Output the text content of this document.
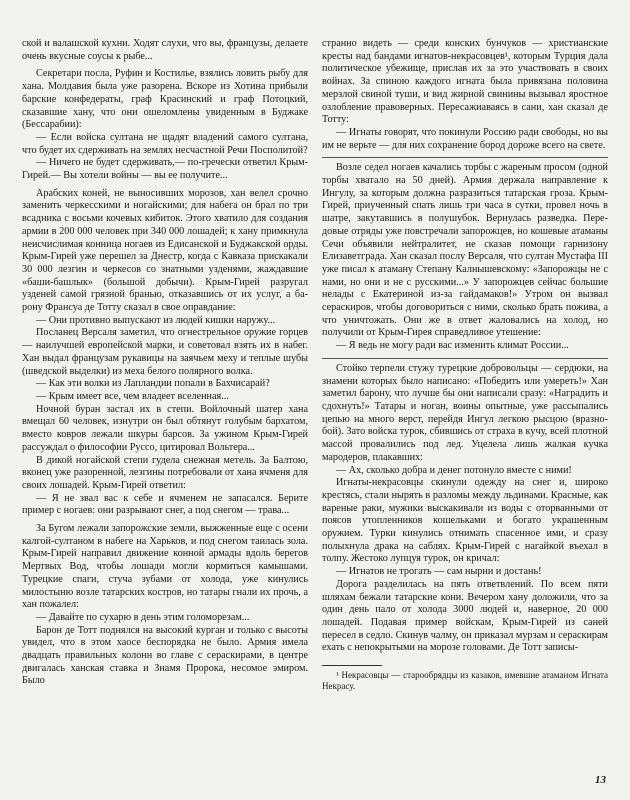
ской и валашской кухни. Ходят слухи, что вы, французы, делаете очень вкусные соусы к рыбе...

Секретари посла, Руфин и Костилье, взялись ловить рыбу для хана. Молдавия была уже разорена. Вскоре из Хотина прибыли барские конфедераты, граф Красинский и граф Потоцкий, сказавшие хану, что они ошеломлены увиденным в Буджаке (Бессарабии):

— Если войска султана не щадят владений самого султана, что будет их сдерживать на землях несчастной Речи Посполитой?

— Ничего не будет сдерживать,— по-гречески ответил Крым-Гирей.— Вы хотели войны — вы ее получите...

Арабских коней, не выносивших морозов, хан велел срочно заменить черкесскими и ногайскими; для набега он брал по три всадника с восьми кочевых кибиток. Этого хватило для создания армии в 200 000 человек при 340 000 лошадей; к хану примкнула неисчислимая конница ногаев из Едисанской и Буджакской орды. Крым-Гирей уже перешел за Днестр, когда с Кавказа прискакали 30 000 лезгин и черкесов со знатными узденями, жаждавшие «баши-башлык» (большой добычи). Крым-Гирей разругал узденей самой грязной бранью, отказавшись от их услуг, а барону Франсуа де Тотту сказал в свое оправдание:

— Они противно выпускают из людей кишки наружу...

Посланец Версаля заметил, что огнестрельное оружие горцев — наилучшей европейской марки, и советовал взять их в набег. Хан выдал французам рукавицы на заячьем меху и теплые шубы (шведской выделки) из меха белого полярного волка.

— Как эти волки из Лапландии попали в Бахчисарай?

— Крым имеет все, чем владеет вселенная...

Ночной буран застал их в степи. Войлочный шатер хана вмещал 60 человек, изнутри он был обтянут голубым бархатом, вместо ковров лежали шкуры барсов. За ужином Крым-Гирей рассуждал о философии Руссо, цитировал Вольтера...

В дикой ногайской степи гудела снежная метель. За Балтою, вконец уже разоренной, лезгины потребовали от хана ячменя для своих лошадей. Крым-Гирей ответил:

— Я не звал вас к себе и ячменем не запасался. Берите пример с ногаев: они разрывают снег, а под снегом — трава...

За Бугом лежали запорожские земли, выжженные еще с осени калгой-султаном в набеге на Харьков, и под снегом таилась зола. Крым-Гирей направил движение конной армады вдоль берегов Мертвых Вод, чтобы лошади могли кормиться камышами. Турецкие спаги, стуча зубами от холода, уже кинулись милостыню возле татарских костров, но татары гнали их прочь, а хан пожалел:

— Давайте по сухарю в день этим голоморезам...

Барон де Тотт поднялся на высокий курган и только с высоты увидел, что в этом хаосе беспорядка не было. Армия имела двадцать правильных колонн во главе с сераскирами, в центре двигалась ханская ставка и Знамя Пророка, несомое эмиром. Было

странно видеть — среди конских бунчуков — христианские кресты над бандами игнатов-некрасовцев¹, которым Турция дала политическое убежище, прислав их за это участвовать в своих войнах. За спиною каждого игната была привязана половина мерзлой свиной туши, и вид жирной свинины вызывал яростное озлобление правоверных. Пересажиаваясь в сани, хан сказал де Тотту:

— Игнаты говорят, что покинули Россию ради свободы, но вы им не верьте — для них сохранение бород дороже всего на свете.

Возле седел ногаев качались торбы с жареным просом (одной торбы хватало на 50 дней). Армия держала направление к Ингулу, за которым должна разразиться татарская гроза. Крым-Гирей, приученный спать лишь три часа в сутки, провел ночь в шатре, закутавшись в полушубок. Вернулась разведка. Передовые отряды уже повстречали запорожцев, но кошевые атаманы Сечи объявили нейтралитет, не сказав помощи гарнизону Елизаветграда. Хан сказал послу Версаля, что султан Мустафа III уже писал к атаману Степану Калнышевскому: «Запорожцы не с нами, но они и не с русскими...» У запорожцев сейчас большие нелады с Екатериной из-за гайдамаков!» Утром он вызвал сераскиров, чтобы договориться с ними, сколько брать пожива, а что уничтожать. Они же в ответ жаловались на холод, но получили от Крым-Гирея справедливое утешение:

— Я ведь не могу ради вас изменить климат России...

Стойко терпели стужу турецкие добровольцы — сердюки, на знамени которых было написано: «Победить или умереть!» Хан заметил барону, что лучше бы они написали сразу: «Наградить и сдохнуть!» Татары и ноган, воины опытные, уже рассыпались цепью на много верст, перейдя Ингул легкою рысцою (вразнобой). Зато войска турок, сбившись от страха в кучу, всей плотной массой провалились под лед. Уцелела лишь жалкая кучка мародеров, плакавших:

— Ах, сколько добра и денег потонуло вместе с ними!

Игнаты-некрасовцы скинули одежду на снег и, широко крестясь, стали нырять в разломы между льдинами. Красные, как вареные раки, мужики выскакивали из воды с оторванными от поясов утопленников кошельками и богато украшенным оружием. Турки кинулись отнимать спасенное ими, и сразу полыхнула драка на саблях. Крым-Гирей с нагайкой въехал в толпу. Жестоко лупцуя турок, он кричал:

— Игнатов не трогать — сам нырни и достань!

Дорога разделилась на пять ответвлений. По всем пяти шляхам бежали татарские кони. Вечером хану доложили, что за один день пало от холода 3000 людей и, наверное, 20 000 лошадей. Подавая пример войскам, Крым-Гирей из саней пересел в седло. Скинув чалму, он приказал мурзам и сераскирам ехать с непокрытыми на морозе головами. Де Тотт записы-

¹ Некрасовцы — старообрядцы из казаков, имевшие атаманом Игната Некрасу.

13
